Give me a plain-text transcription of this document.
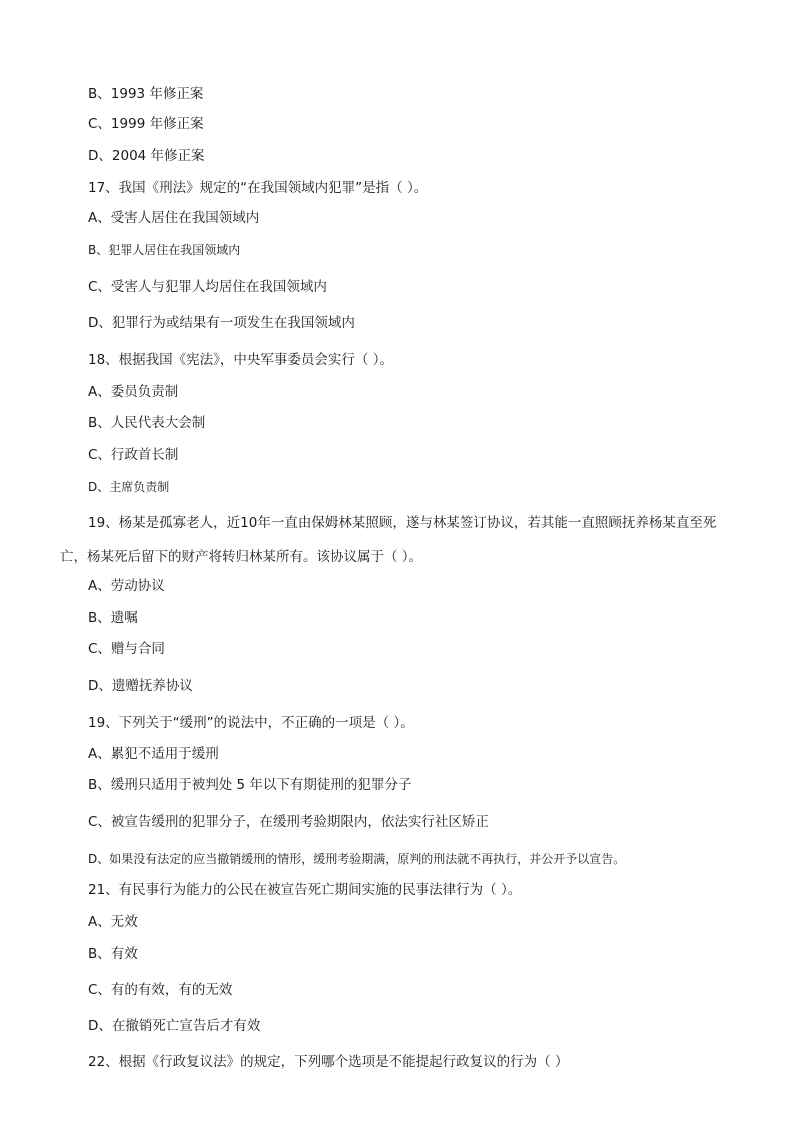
B、1993 年修正案
C、1999 年修正案
D、2004 年修正案
17、我国《刑法》规定的“在我国领域内犯罪”是指（ ）。
A、受害人居住在我国领域内
B、犯罪人居住在我国领域内
C、受害人与犯罪人均居住在我国领域内
D、犯罪行为或结果有一项发生在我国领域内
18、根据我国《宪法》，中央军事委员会实行（ ）。
A、委员负责制
B、人民代表大会制
C、行政首长制
D、主席负责制
19、杨某是孤寡老人，近10年一直由保姆林某照顾，遂与林某签订协议，若其能一直照顾抚养杨某直至死亡，杨某死后留下的财产将转归林某所有。该协议属于（ ）。
A、劳动协议
B、遗嘱
C、赠与合同
D、遗赠抚养协议
19、下列关于“缓刑”的说法中，不正确的一项是（ ）。
A、累犯不适用于缓刑
B、缓刑只适用于被判处 5 年以下有期徒刑的犯罪分子
C、被宣告缓刑的犯罪分子，在缓刑考验期限内，依法实行社区矫正
D、如果没有法定的应当撤销缓刑的情形，缓刑考验期满，原判的刑法就不再执行，并公开予以宣告。
21、有民事行为能力的公民在被宣告死亡期间实施的民事法律行为（ ）。
A、无效
B、有效
C、有的有效，有的无效
D、在撤销死亡宣告后才有效
22、根据《行政复议法》的规定，下列哪个选项是不能提起行政复议的行为（ ）
